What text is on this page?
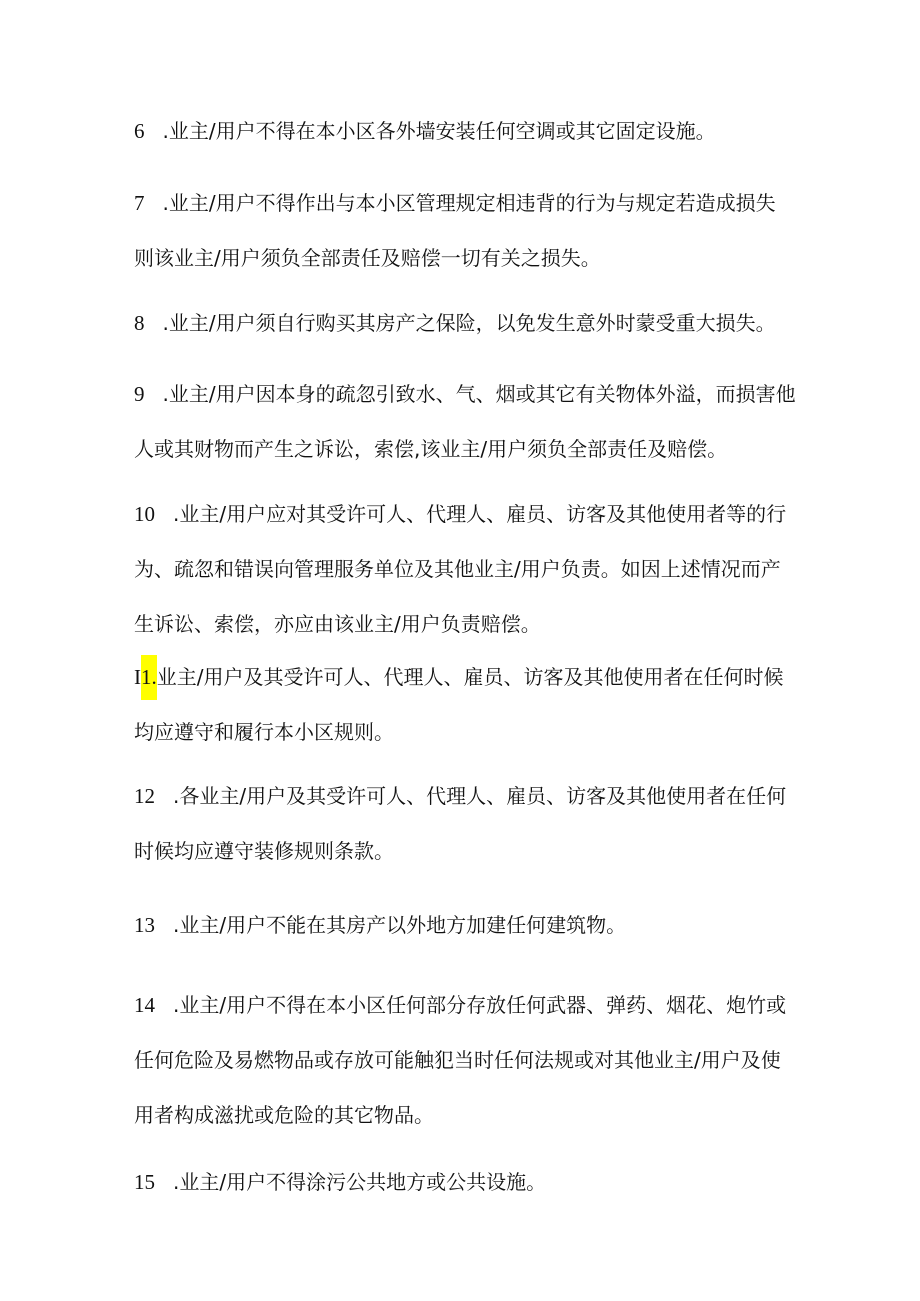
6 .业主/用户不得在本小区各外墙安装任何空调或其它固定设施。
7 .业主/用户不得作出与本小区管理规定相违背的行为与规定若造成损失
则该业主/用户须负全部责任及赔偿一切有关之损失。
8 .业主/用户须自行购买其房产之保险，以免发生意外时蒙受重大损失。
9 .业主/用户因本身的疏忽引致水、气、烟或其它有关物体外溢，而损害他
人或其财物而产生之诉讼，索偿,该业主/用户须负全部责任及赔偿。
10 .业主/用户应对其受许可人、代理人、雇员、访客及其他使用者等的行
为、疏忽和错误向管理服务单位及其他业主/用户负责。如因上述情况而产
生诉讼、索偿，亦应由该业主/用户负责赔偿。
I1.业主/用户及其受许可人、代理人、雇员、访客及其他使用者在任何时候
均应遵守和履行本小区规则。
12 .各业主/用户及其受许可人、代理人、雇员、访客及其他使用者在任何
时候均应遵守装修规则条款。
13 .业主/用户不能在其房产以外地方加建任何建筑物。
14 .业主/用户不得在本小区任何部分存放任何武器、弹药、烟花、炮竹或
任何危险及易燃物品或存放可能触犯当时任何法规或对其他业主/用户及使
用者构成滋扰或危险的其它物品。
15 .业主/用户不得涂污公共地方或公共设施。
